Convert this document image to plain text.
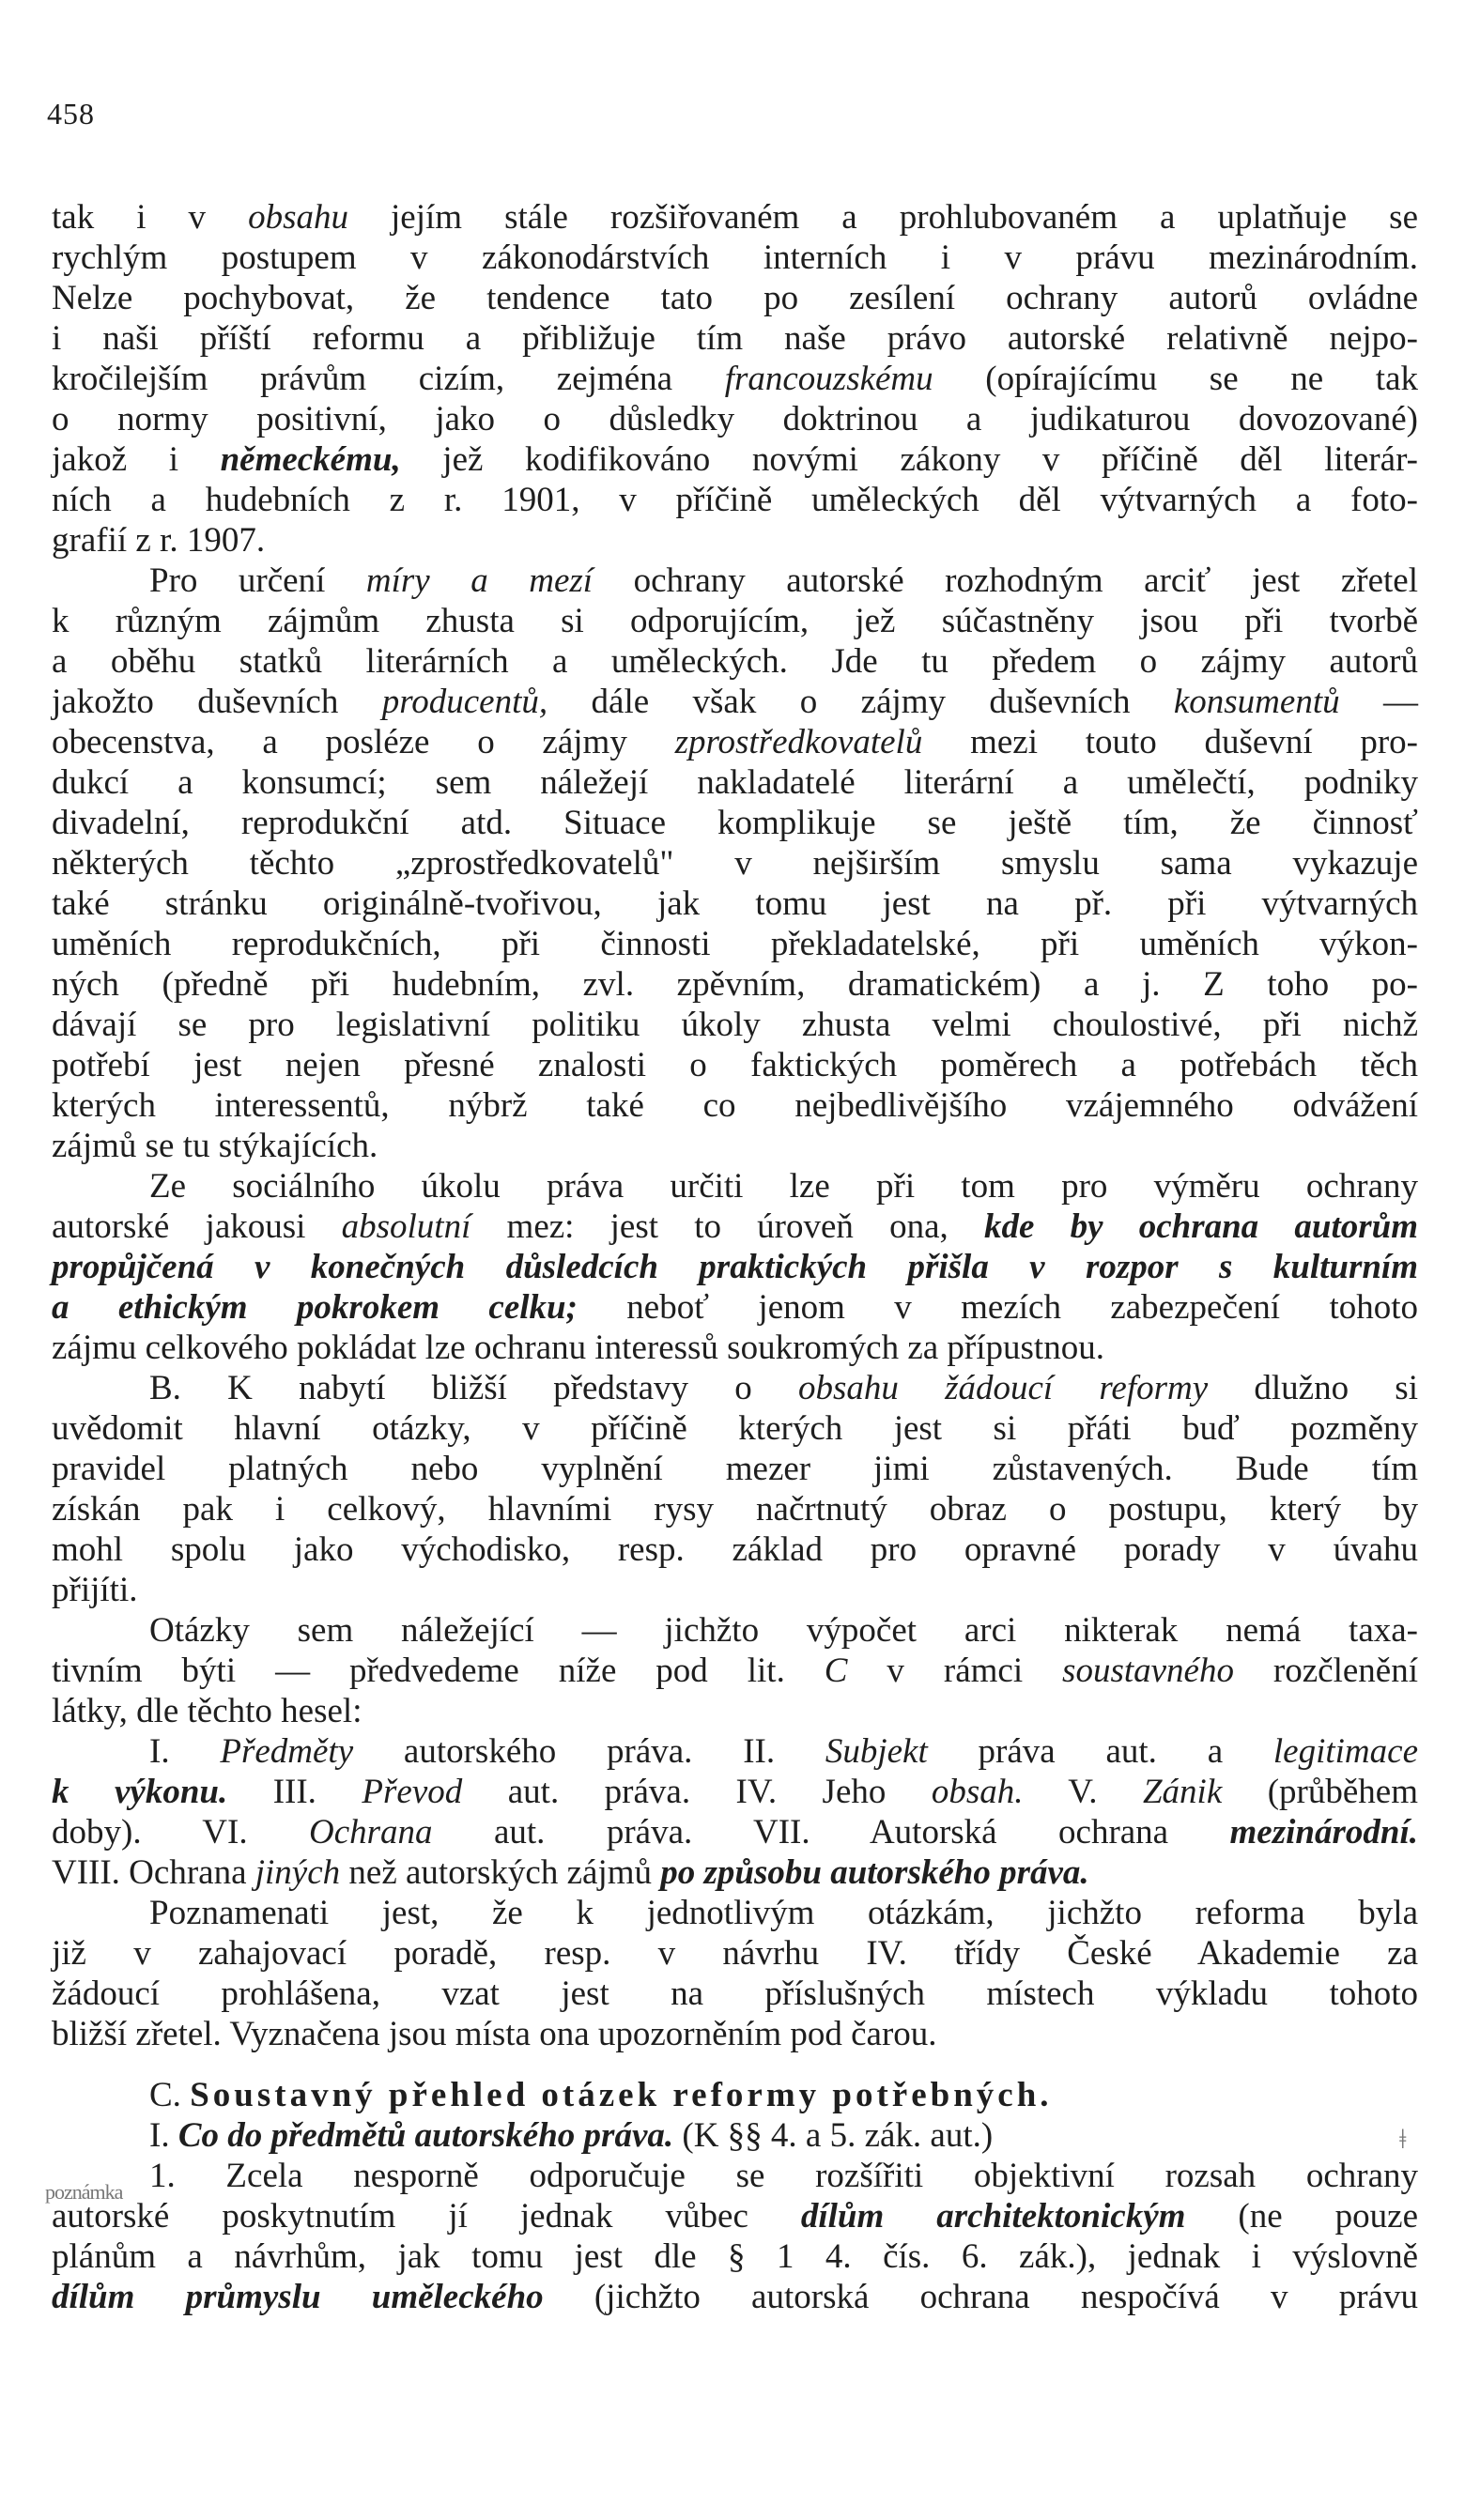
458
tak i v obsahu jejím stále rozšiřovaném a prohlubovaném a uplatňuje se
rychlým postupem v zákonodárstvích interních i v právu mezinárodním.
Nelze pochybovat, že tendence tato po zesílení ochrany autorů ovládne
i naši příští reformu a přibližuje tím naše právo autorské relativně nejpo-
kročilejším právům cizím, zejména francouzskému (opírajícímu se ne tak
o normy positivní, jako o důsledky doktrinou a judikaturou dovozované)
jakož i německému, jež kodifikováno novými zákony v příčině děl literár-
ních a hudebních z r. 1901, v příčině uměleckých děl výtvarných a foto-
grafií z r. 1907.
Pro určení míry a mezí ochrany autorské rozhodným arciť jest zřetel
k různým zájmům zhusta si odporujícím, jež súčastněny jsou při tvorbě
a oběhu statků literárních a uměleckých. Jde tu předem o zájmy autorů
jakožto duševních producentů, dále však o zájmy duševních konsumentů —
obecenstva, a posléze o zájmy zprostředkovatelů mezi touto duševní pro-
dukcí a konsumcí; sem náležejí nakladatelé literární a umělečtí, podniky
divadelní, reprodukční atd. Situace komplikuje se ještě tím, že činnosť
některých těchto „zprostředkovatelů" v nejširším smyslu sama vykazuje
také stránku originálně-tvořivou, jak tomu jest na př. při výtvarných
uměních reprodukčních, při činnosti překladatelské, při uměních výkon-
ných (předně při hudebním, zvl. zpěvním, dramatickém) a j. Z toho po-
dávají se pro legislativní politiku úkoly zhusta velmi choulostivé, při nichž
potřebí jest nejen přesné znalosti o faktických poměrech a potřebách těch
kterých interessentů, nýbrž také co nejbedlivějšího vzájemného odvážení
zájmů se tu stýkajících.
Ze sociálního úkolu práva určiti lze při tom pro výměru ochrany
autorské jakousi absolutní mez: jest to úroveň ona, kde by ochrana autorům
propůjčená v konečných důsledcích praktických přišla v rozpor s kulturním
a ethickým pokrokem celku; neboť jenom v mezích zabezpečení tohoto
zájmu celkového pokládat lze ochranu interessů soukromých za přípustnou.
B. K nabytí bližší představy o obsahu žádoucí reformy dlužno si
uvědomit hlavní otázky, v příčině kterých jest si přáti buď pozměny
pravidel platných nebo vyplnění mezer jimi zůstavených. Bude tím
získán pak i celkový, hlavními rysy načrtnutý obraz o postupu, který by
mohl spolu jako východisko, resp. základ pro opravné porady v úvahu
přijíti.
Otázky sem náležející — jichžto výpočet arci nikterak nemá taxa-
tivním býti — předvedeme níže pod lit. C v rámci soustavného rozčlenění
látky, dle těchto hesel:
I. Předměty autorského práva. II. Subjekt práva aut. a legitimace
k výkonu. III. Převod aut. práva. IV. Jeho obsah. V. Zánik (průběhem
doby). VI. Ochrana aut. práva. VII. Autorská ochrana mezinárodní.
VIII. Ochrana jiných než autorských zájmů po způsobu autorského práva.
Poznamenati jest, že k jednotlivým otázkám, jichžto reforma byla
již v zahajovací poradě, resp. v návrhu IV. třídy České Akademie za
žádoucí prohlášena, vzat jest na příslušných místech výkladu tohoto
bližší zřetel. Vyznačena jsou místa ona upozorněním pod čarou.
C. Soustavný přehled otázek reformy potřebných.
I. Co do předmětů autorského práva. (K §§ 4. a 5. zák. aut.)
1. Zcela nesporně odporučuje se rozšířiti objektivní rozsah ochrany
autorské poskytnutím jí jednak vůbec dílům architektonickým (ne pouze
plánům a návrhům, jak tomu jest dle § 1 4. čís. 6. zák.), jednak i výslovně
dílům průmyslu uměleckého (jichžto autorská ochrana nespočívá v právu
poznámka
ǂ
